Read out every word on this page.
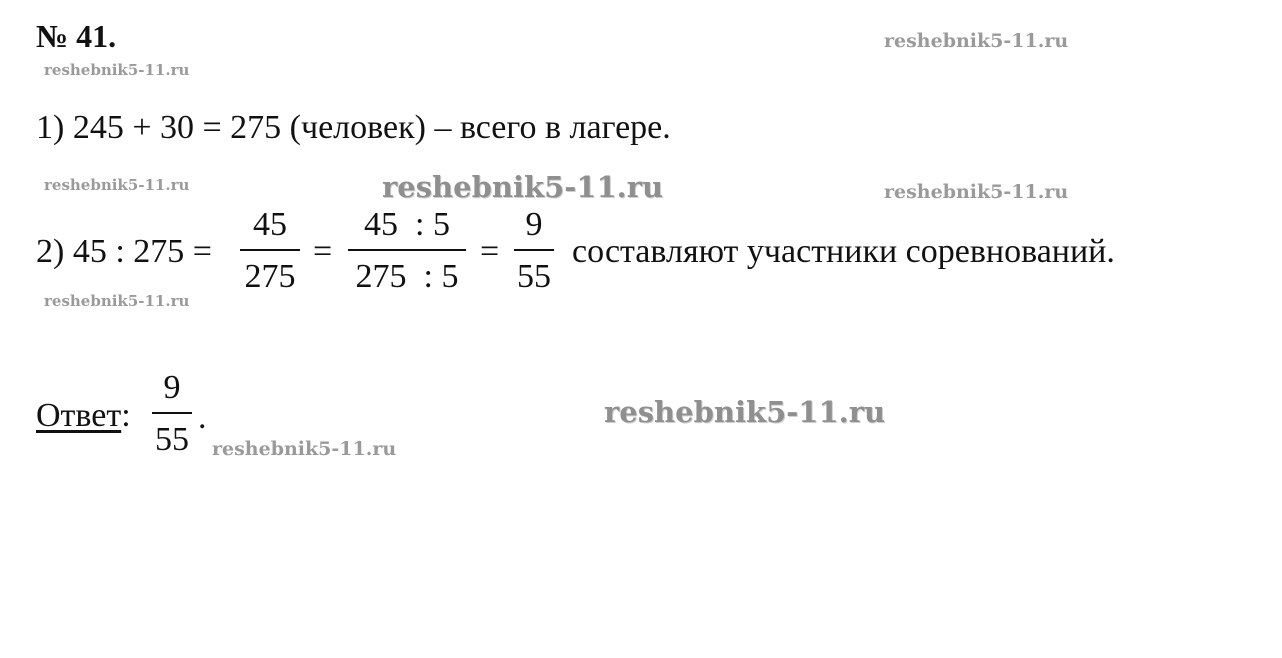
№ 41.	reshebnik5-11.ru
reshebnik5-11.ru
reshebnik5-11.ru	reshebnik5-11.ru	reshebnik5-11.ru
reshebnik5-11.ru
reshebnik5-11.ru
reshebnik5-11.ru
1) 245 + 30 = 275 (человек) – всего в лагере.
2) 45 : 275 =
45
275
=
45  : 5
275  : 5
=
9
55
составляют участники соревнований.
Ответ:
9
55
.
